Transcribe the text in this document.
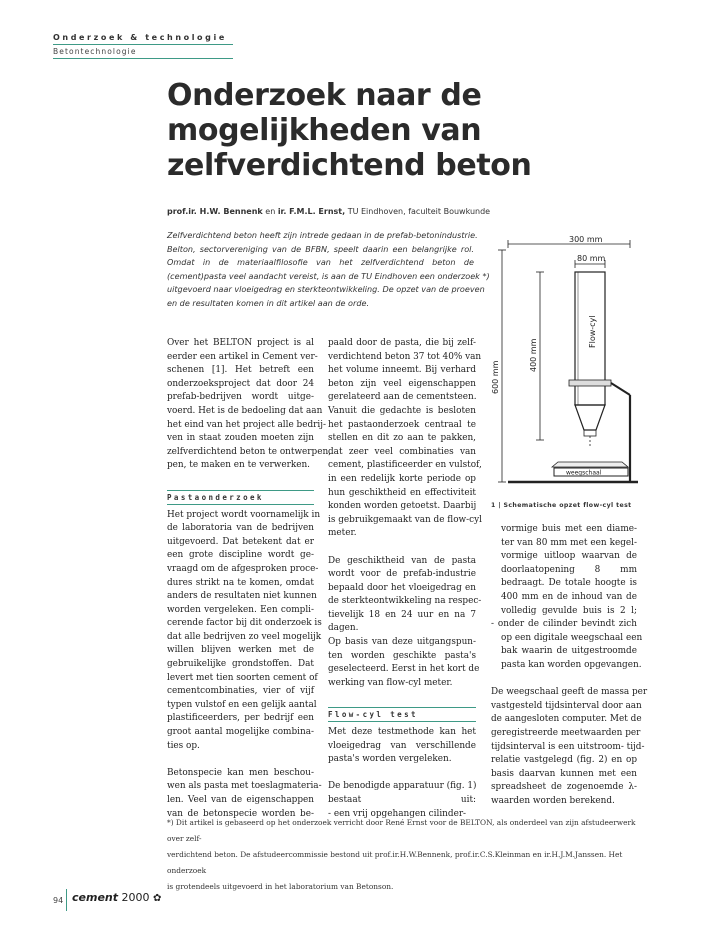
Onderzoek & technologie
Betontechnologie
Onderzoek naar de
mogelijkheden van
zelfverdichtend beton
prof.ir. H.W. Bennenk en ir. F.M.L. Ernst, TU Eindhoven, faculteit Bouwkunde
Zelfverdichtend beton heeft zijn intrede gedaan in de prefab-betonindustrie.
Belton, sectorvereniging van de BFBN, speelt daarin een belangrijke rol.
Omdat in de materiaalfilosofie van het zelfverdichtend beton de
(cement)pasta veel aandacht vereist, is aan de TU Eindhoven een onderzoek *)
uitgevoerd naar vloeigedrag en sterkteontwikkeling. De opzet van de proeven
en de resultaten komen in dit artikel aan de orde.
Over het BELTON project is al
eerder een artikel in Cement ver-
schenen [1]. Het betreft een
onderzoeksproject dat door 24
prefab-bedrijven wordt uitge-
voerd. Het is de bedoeling dat aan
het eind van het project alle bedrij-
ven in staat zouden moeten zijn
zelfverdichtend beton te ontwerpen,
pen, te maken en te verwerken.
Pastaonderzoek
Het project wordt voornamelijk in
de laboratoria van de bedrijven
uitgevoerd. Dat betekent dat er
een grote discipline wordt ge-
vraagd om de afgesproken proce-
dures strikt na te komen, omdat
anders de resultaten niet kunnen
worden vergeleken. Een compli-
cerende factor bij dit onderzoek is
dat alle bedrijven zo veel mogelijk
willen blijven werken met de
gebruikelijke grondstoffen. Dat
levert met tien soorten cement of
cementcombinaties, vier of vijf
typen vulstof en een gelijk aantal
plastificeerders, per bedrijf een
groot aantal mogelijke combina-
ties op.
Betonspecie kan men beschou-
wen als pasta met toeslagmateria-
len. Veel van de eigenschappen
van de betonspecie worden be-
paald door de pasta, die bij zelf-
verdichtend beton 37 tot 40% van
het volume inneemt. Bij verhard
beton zijn veel eigenschappen
gerelateerd aan de cementsteen.
Vanuit die gedachte is besloten
het pastaonderzoek centraal te
stellen en dit zo aan te pakken,
dat zeer veel combinaties van
cement, plastificeerder en vulstof,
in een redelijk korte periode op
hun geschiktheid en effectiviteit
konden worden getoetst. Daarbij
is gebruikgemaakt van de flow-cyl
meter.
De geschiktheid van de pasta
wordt voor de prefab-industrie
bepaald door het vloeigedrag en
de sterkteontwikkeling na respec-
tievelijk 18 en 24 uur en na 7
dagen.
Op basis van deze uitgangspun-
ten worden geschikte pasta's
geselecteerd. Eerst in het kort de
werking van flow-cyl meter.
Flow-cyl test
Met deze testmethode kan het
vloeigedrag van verschillende
pasta's worden vergeleken.
De benodigde apparatuur (fig. 1)
bestaat uit:
- een vrij opgehangen cilinder-
vormige buis met een diame-
ter van 80 mm met een kegel-
vormige uitloop waarvan de
doorlaatopening 8 mm
bedraagt. De totale hoogte is
400 mm en de inhoud van de
volledig gevulde buis is 2 l;
- onder de cilinder bevindt zich
op een digitale weegschaal een
bak waarin de uitgestroomde
pasta kan worden opgevangen.
De weegschaal geeft de massa per
vastgesteld tijdsinterval door aan
de aangesloten computer. Met de
geregistreerde meetwaarden per
tijdsinterval is een uitstroom- tijd-
relatie vastgelegd (fig. 2) en op
basis daarvan kunnen met een
spreadsheet de zogenoemde λ-
waarden worden berekend.
300 mm
80 mm
400 mm
600 mm
Flow-cyl
weegschaal
1 | Schematische opzet flow-cyl test
*) Dit artikel is gebaseerd op het onderzoek verricht door René Ernst voor de BELTON, als onderdeel van zijn afstudeerwerk over zelf-
verdichtend beton. De afstudeercommissie bestond uit prof.ir.H.W.Bennenk, prof.ir.C.S.Kleinman en ir.H.J.M.Janssen. Het onderzoek
is grotendeels uitgevoerd in het laboratorium van Betonson.
94 cement 2000 ✿
